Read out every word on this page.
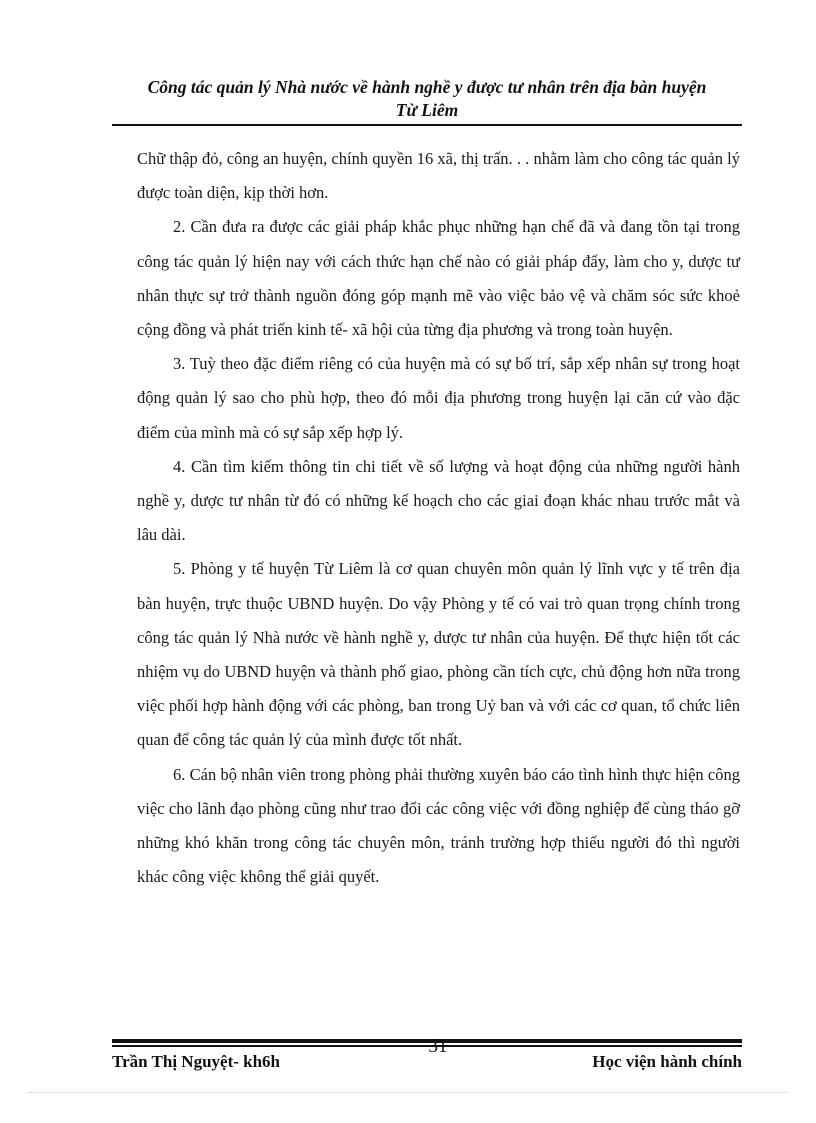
Công tác quản lý Nhà nước về hành nghề y được tư nhân trên địa bàn huyện
Từ Liêm

Chữ thập đỏ, công an huyện, chính quyền 16 xã, thị trấn. . . nhằm làm cho công tác quản lý được toàn diện, kịp thời hơn.

2. Cần đưa ra được các giải pháp khắc phục những hạn chế đã và đang tồn tại trong công tác quản lý hiện nay với cách thức hạn chế nào có giải pháp đẩy, làm cho y, dược tư nhân thực sự trở thành nguồn đóng góp mạnh mẽ vào việc bảo vệ và chăm sóc sức khoẻ cộng đồng và phát triển kinh tế- xã hội của từng địa phương và trong toàn huyện.

3. Tuỳ theo đặc điểm riêng có của huyện mà có sự bố trí, sắp xếp nhân sự trong hoạt động quản lý sao cho phù hợp, theo đó mỗi địa phương trong huyện lại căn cứ vào đặc điểm của mình mà có sự sắp xếp hợp lý.

4. Cần tìm kiếm thông tin chi tiết về số lượng và hoạt động của những người hành nghề y, dược tư nhân từ đó có những kế hoạch cho các giai đoạn khác nhau trước mắt và lâu dài.

5. Phòng y tế huyện Từ Liêm là cơ quan chuyên môn quản lý lĩnh vực y tế trên địa bàn huyện, trực thuộc UBND huyện. Do vậy Phòng y tế có vai trò quan trọng chính trong công tác quản lý Nhà nước về hành nghề y, dược tư nhân của huyện. Để thực hiện tốt các nhiệm vụ do UBND huyện và thành phố giao, phòng cần tích cực, chủ động hơn nữa trong việc phối hợp hành động với các phòng, ban trong Uỷ ban và với các cơ quan, tổ chức liên quan để công tác quản lý của mình được tốt nhất.

6. Cán bộ nhân viên trong phòng phải thường xuyên báo cáo tình hình thực hiện công việc cho lãnh đạo phòng cũng như trao đổi các công việc với đồng nghiệp để cùng tháo gỡ những khó khăn trong công tác chuyên môn, tránh trường hợp thiếu người đó thì người khác công việc không thể giải quyết.

31
Trần Thị Nguyệt- kh6h	Học viện hành chính
